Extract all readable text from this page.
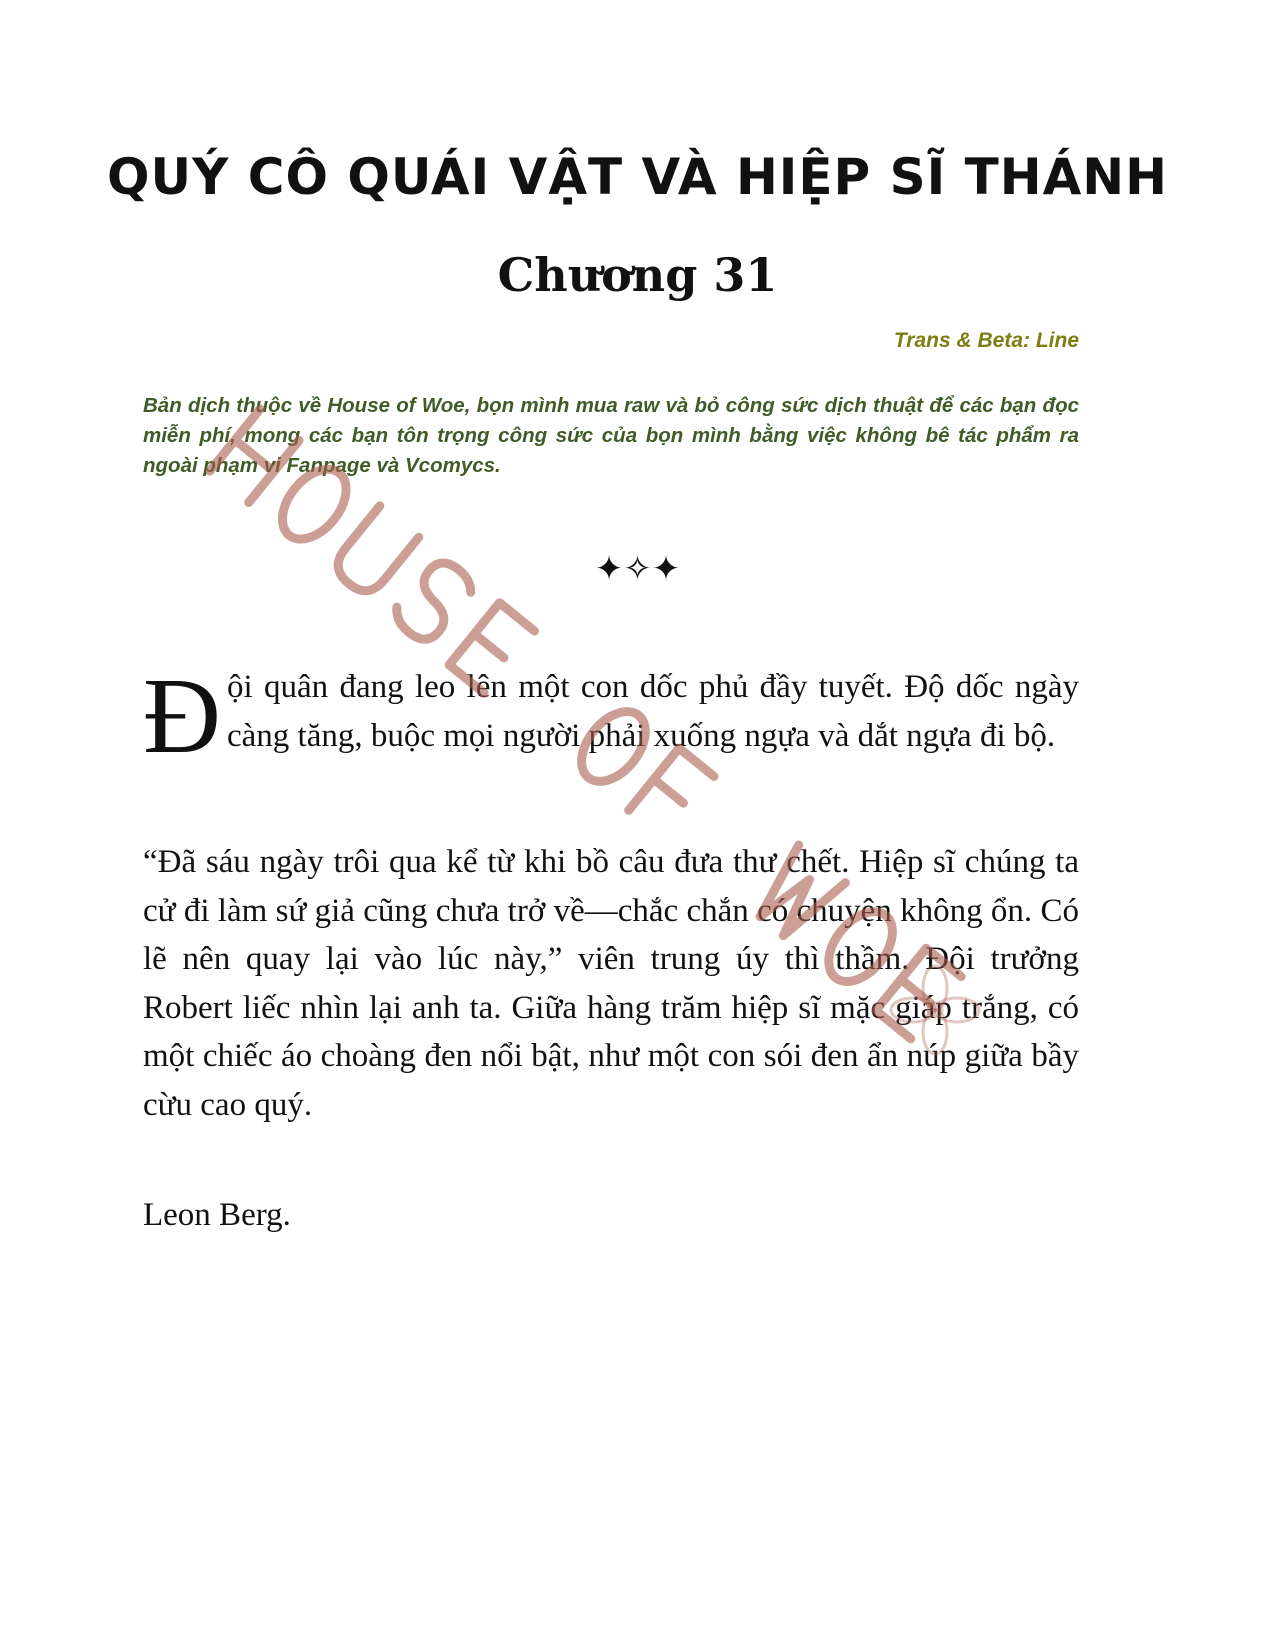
QUÝ CÔ QUÁI VẬT VÀ HIỆP SĨ THÁNH
Chương 31
Trans & Beta: Line
Bản dịch thuộc về House of Woe, bọn mình mua raw và bỏ công sức dịch thuật để các bạn đọc miễn phí, mong các bạn tôn trọng công sức của bọn mình bằng việc không bê tác phẩm ra ngoài phạm vi Fanpage và Vcomycs.
✦✧✦
Đội quân đang leo lên một con dốc phủ đầy tuyết. Độ dốc ngày càng tăng, buộc mọi người phải xuống ngựa và dắt ngựa đi bộ.
“Đã sáu ngày trôi qua kể từ khi bồ câu đưa thư chết. Hiệp sĩ chúng ta cử đi làm sứ giả cũng chưa trở về—chắc chắn có chuyện không ổn. Có lẽ nên quay lại vào lúc này,” viên trung úy thì thầm. Đội trưởng Robert liếc nhìn lại anh ta. Giữa hàng trăm hiệp sĩ mặc giáp trắng, có một chiếc áo choàng đen nổi bật, như một con sói đen ẩn núp giữa bầy cừu cao quý.
Leon Berg.
